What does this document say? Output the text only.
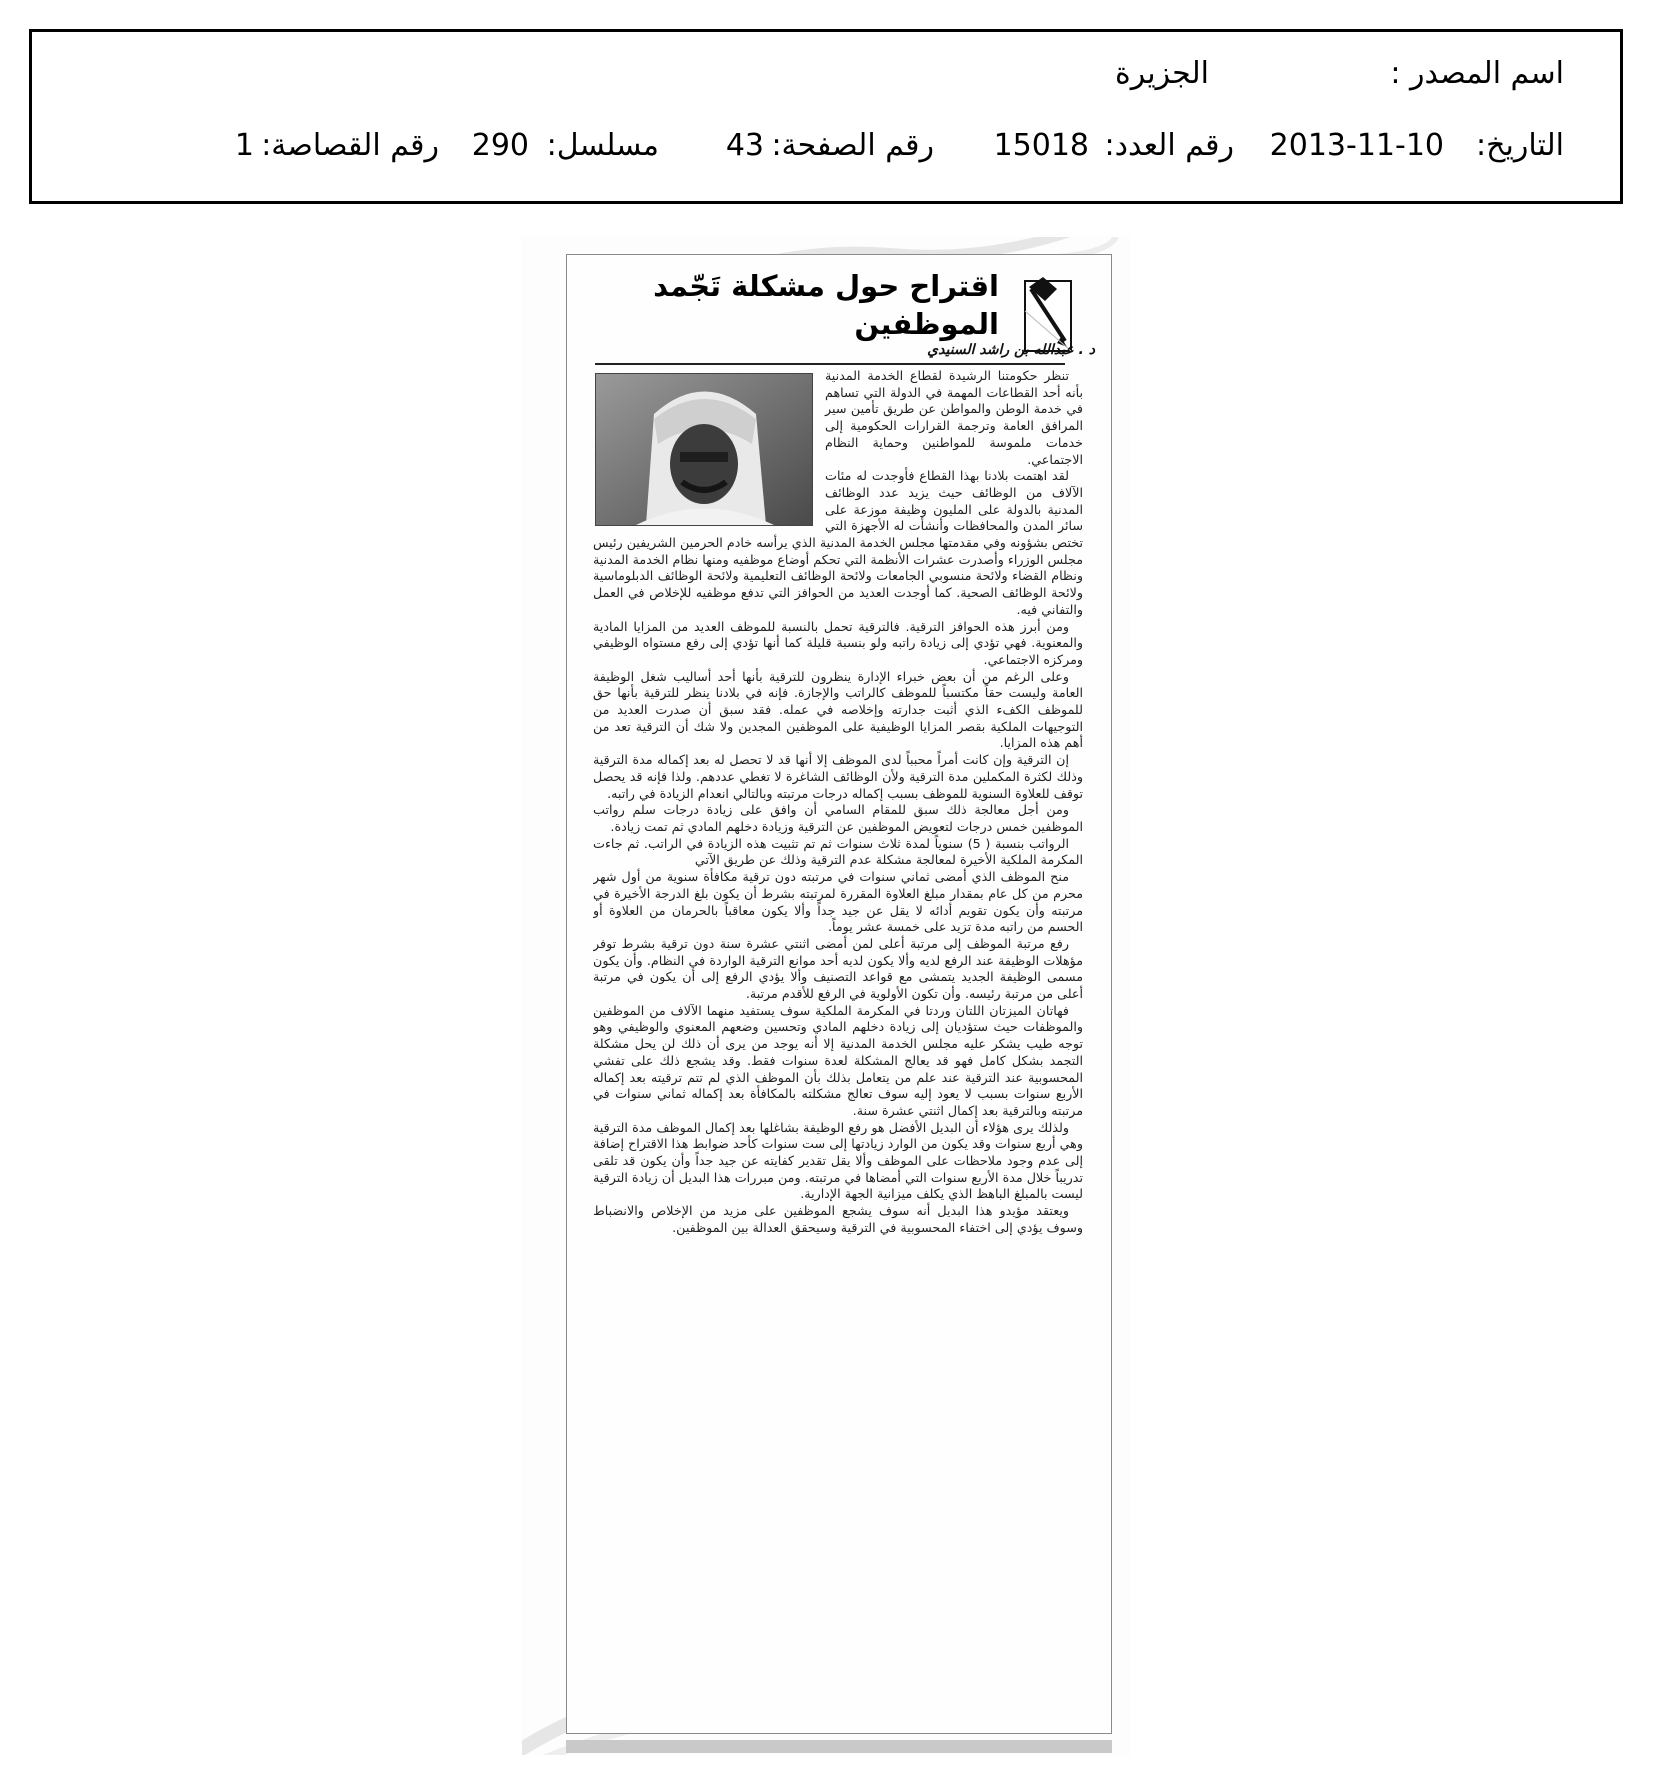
اسم المصدر :
الجزيرة
التاريخ:
2013-11-10
رقم العدد:
15018
رقم الصفحة:
43
مسلسل:
290
رقم القصاصة:
1
اقتراح حول مشكلة تَجّمد الموظفين
د . عبدالله بن راشد السنيدي

تنظر حكومتنا الرشيدة لقطاع الخدمة المدنية بأنه أحد القطاعات المهمة في الدولة التي تساهم في خدمة الوطن والمواطن عن طريق تأمين سير المرافق العامة وترجمة القرارات الحكومية إلى خدمات ملموسة للمواطنين وحماية النظام الاجتماعي.

لقد اهتمت بلادنا بهذا القطاع فأوجدت له مئات الآلاف من الوظائف حيث يزيد عدد الوظائف المدنية بالدولة على المليون وظيفة موزعة على سائر المدن والمحافظات وأنشأت له الأجهزة التي تختص بشؤونه وفي مقدمتها مجلس الخدمة المدنية الذي يرأسه خادم الحرمين الشريفين رئيس مجلس الوزراء وأصدرت عشرات الأنظمة التي تحكم أوضاع موظفيه ومنها نظام الخدمة المدنية ونظام القضاء ولائحة منسوبي الجامعات ولائحة الوظائف التعليمية ولائحة الوظائف الدبلوماسية ولائحة الوظائف الصحية. كما أوجدت العديد من الحوافز التي تدفع موظفيه للإخلاص في العمل والتفاني فيه.

ومن أبرز هذه الحوافز الترقية. فالترقية تحمل بالنسبة للموظف العديد من المزايا المادية والمعنوية. فهي تؤدي إلى زيادة راتبه ولو بنسبة قليلة كما أنها تؤدي إلى رفع مستواه الوظيفي ومركزه الاجتماعي.

وعلى الرغم من أن بعض خبراء الإدارة ينظرون للترقية بأنها أحد أساليب شغل الوظيفة العامة وليست حقاً مكتسباً للموظف كالراتب والإجازة. فإنه في بلادنا ينظر للترقية بأنها حق للموظف الكفء الذي أثبت جدارته وإخلاصه في عمله. فقد سبق أن صدرت العديد من التوجيهات الملكية بقصر المزايا الوظيفية على الموظفين المجدين ولا شك أن الترقية تعد من أهم هذه المزايا.

إن الترقية وإن كانت أمراً محبباً لدى الموظف إلا أنها قد لا تحصل له بعد إكماله مدة الترقية وذلك لكثرة المكملين مدة الترقية ولأن الوظائف الشاغرة لا تغطي عددهم. ولذا فإنه قد يحصل توقف للعلاوة السنوية للموظف بسبب إكماله درجات مرتبته وبالتالي انعدام الزيادة في راتبه.

ومن أجل معالجة ذلك سبق للمقام السامي أن وافق على زيادة درجات سلم رواتب الموظفين خمس درجات لتعويض الموظفين عن الترقية وزيادة دخلهم المادي ثم تمت زيادة.

الرواتب بنسبة ( 5) سنوياً لمدة ثلاث سنوات ثم تم تثبيت هذه الزيادة في الراتب. ثم جاءت المكرمة الملكية الأخيرة لمعالجة مشكلة عدم الترقية وذلك عن طريق الآتي

منح الموظف الذي أمضى ثماني سنوات في مرتبته دون ترقية مكافأة سنوية من أول شهر محرم من كل عام بمقدار مبلغ العلاوة المقررة لمرتبته بشرط أن يكون بلغ الدرجة الأخيرة في مرتبته وأن يكون تقويم أدائه لا يقل عن جيد جداً وألا يكون معاقباً بالحرمان من العلاوة أو الحسم من راتبه مدة تزيد على خمسة عشر يوماً.

رفع مرتبة الموظف إلى مرتبة أعلى لمن أمضى اثنتي عشرة سنة دون ترقية بشرط توفر مؤهلات الوظيفة عند الرفع لديه وألا يكون لديه أحد موانع الترقية الواردة في النظام. وأن يكون مسمى الوظيفة الجديد يتمشى مع قواعد التصنيف وألا يؤدي الرفع إلى أن يكون في مرتبة أعلى من مرتبة رئيسه. وأن تكون الأولوية في الرفع للأقدم مرتبة.

فهاتان الميزتان اللتان وردتا في المكرمة الملكية سوف يستفيد منهما الآلاف من الموظفين والموظفات حيث ستؤديان إلى زيادة دخلهم المادي وتحسين وضعهم المعنوي والوظيفي وهو توجه طيب يشكر عليه مجلس الخدمة المدنية إلا أنه يوجد من يرى أن ذلك لن يحل مشكلة التجمد بشكل كامل فهو قد يعالج المشكلة لعدة سنوات فقط. وقد يشجع ذلك على تفشي المحسوبية عند الترقية عند علم من يتعامل بذلك بأن الموظف الذي لم تتم ترقيته بعد إكماله الأربع سنوات بسبب لا يعود إليه سوف تعالج مشكلته بالمكافأة بعد إكماله ثماني سنوات في مرتبته وبالترقية بعد إكمال اثنتي عشرة سنة.

ولذلك يرى هؤلاء أن البديل الأفضل هو رفع الوظيفة بشاغلها بعد إكمال الموظف مدة الترقية وهي أربع سنوات وقد يكون من الوارد زيادتها إلى ست سنوات كأحد ضوابط هذا الاقتراح إضافة إلى عدم وجود ملاحظات على الموظف وألا يقل تقدير كفايته عن جيد جداً وأن يكون قد تلقى تدريباً خلال مدة الأربع سنوات التي أمضاها في مرتبته. ومن مبررات هذا البديل أن زيادة الترقية ليست بالمبلغ الباهظ الذي يكلف ميزانية الجهة الإدارية.

ويعتقد مؤيدو هذا البديل أنه سوف يشجع الموظفين على مزيد من الإخلاص والانضباط وسوف يؤدي إلى اختفاء المحسوبية في الترقية وسيحقق العدالة بين الموظفين.
